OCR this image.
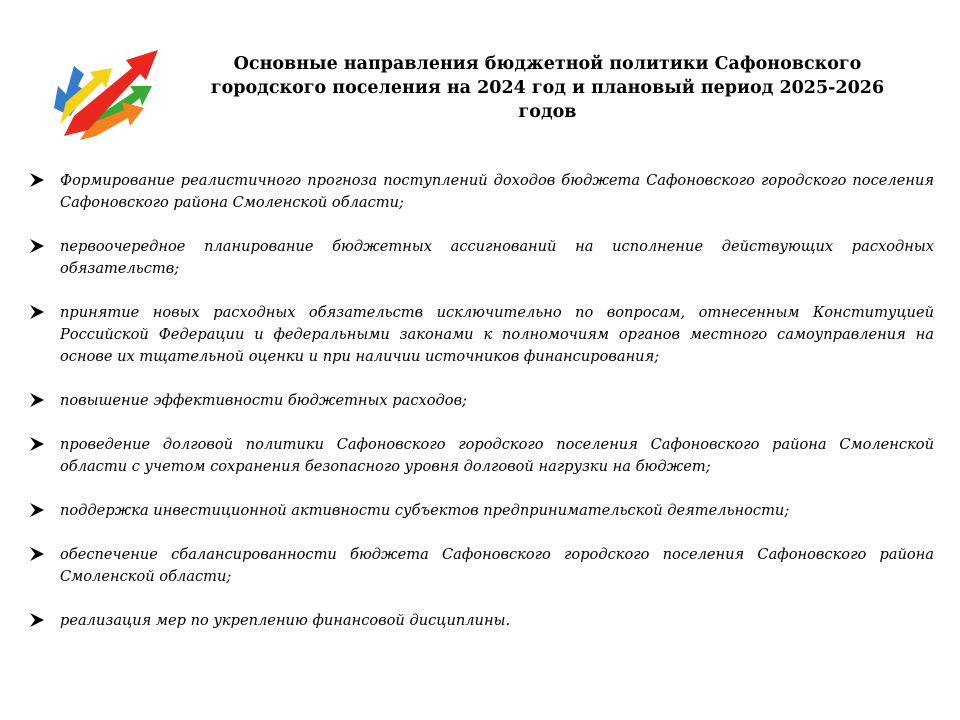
Основные направления бюджетной политики Сафоновского
городского поселения на 2024 год и плановый период 2025-2026
годов
Формирование реалистичного прогноза поступлений доходов бюджета Сафоновского городского поселения Сафоновского района Смоленской области;
первоочередное планирование бюджетных ассигнований на исполнение действующих расходных обязательств;
принятие новых расходных обязательств исключительно по вопросам, отнесенным Конституцией Российской Федерации и федеральными законами к полномочиям органов местного самоуправления на основе их тщательной оценки и при наличии источников финансирования;
повышение эффективности бюджетных расходов;
проведение долговой политики Сафоновского городского поселения Сафоновского района Смоленской области с учетом сохранения безопасного уровня долговой нагрузки на бюджет;
поддержка инвестиционной активности субъектов предпринимательской деятельности;
обеспечение сбалансированности бюджета Сафоновского городского поселения Сафоновского района Смоленской области;
реализация мер по укреплению финансовой дисциплины.
